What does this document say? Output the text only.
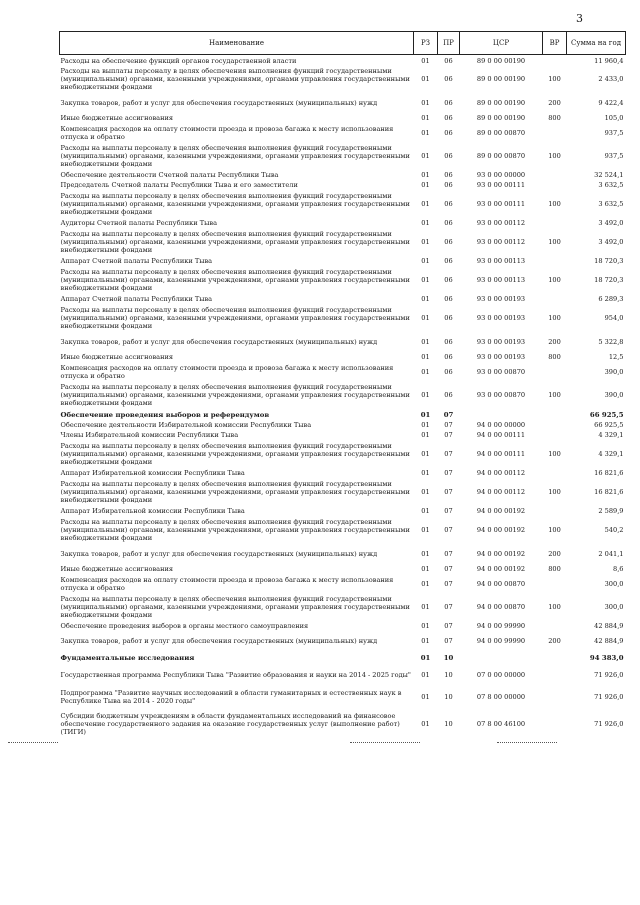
3
Наименование	РЗ	ПР	ЦСР	ВР	Сумма на год
Расходы на обеспечение функций органов государственной власти	01	06	89 0 00 00190		11 960,4
Расходы на выплаты персоналу в целях обеспечения выполнения функций государственными (муниципальными) органами, казенными учреждениями, органами управления государственными внебюджетными фондами	01	06	89 0 00 00190	100	2 433,0
Закупка товаров, работ и услуг для обеспечения государственных (муниципальных) нужд	01	06	89 0 00 00190	200	9 422,4
Иные бюджетные ассигнования	01	06	89 0 00 00190	800	105,0
Компенсация расходов на оплату стоимости проезда и провоза багажа к месту использования отпуска и обратно	01	06	89 0 00 00870		937,5
Расходы на выплаты персоналу в целях обеспечения выполнения функций государственными (муниципальными) органами, казенными учреждениями, органами управления государственными внебюджетными фондами	01	06	89 0 00 00870	100	937,5
Обеспечение деятельности Счетной палаты Республики Тыва	01	06	93 0 00 00000		32 524,1
Председатель Счетной палаты Республики Тыва и его заместители	01	06	93 0 00 00111		3 632,5
Расходы на выплаты персоналу в целях обеспечения выполнения функций государственными (муниципальными) органами, казенными учреждениями, органами управления государственными внебюджетными фондами	01	06	93 0 00 00111	100	3 632,5
Аудиторы Счетной палаты Республики Тыва	01	06	93 0 00 00112		3 492,0
Расходы на выплаты персоналу в целях обеспечения выполнения функций государственными (муниципальными) органами, казенными учреждениями, органами управления государственными внебюджетными фондами	01	06	93 0 00 00112	100	3 492,0
Аппарат Счетной палаты Республики Тыва	01	06	93 0 00 00113		18 720,3
Расходы на выплаты персоналу в целях обеспечения выполнения функций государственными (муниципальными) органами, казенными учреждениями, органами управления государственными внебюджетными фондами	01	06	93 0 00 00113	100	18 720,3
Аппарат Счетной палаты Республики Тыва	01	06	93 0 00 00193		6 289,3
Расходы на выплаты персоналу в целях обеспечения выполнения функций государственными (муниципальными) органами, казенными учреждениями, органами управления государственными внебюджетными фондами	01	06	93 0 00 00193	100	954,0
Закупка товаров, работ и услуг для обеспечения государственных (муниципальных) нужд	01	06	93 0 00 00193	200	5 322,8
Иные бюджетные ассигнования	01	06	93 0 00 00193	800	12,5
Компенсация расходов на оплату стоимости проезда и провоза багажа к месту использования отпуска и обратно	01	06	93 0 00 00870		390,0
Расходы на выплаты персоналу в целях обеспечения выполнения функций государственными (муниципальными) органами, казенными учреждениями, органами управления государственными внебюджетными фондами	01	06	93 0 00 00870	100	390,0
Обеспечение проведения выборов и референдумов	01	07			66 925,5
Обеспечение деятельности Избирательной комиссии Республики Тыва	01	07	94 0 00 00000		66 925,5
Члены Избирательной комиссии Республики Тыва	01	07	94 0 00 00111		4 329,1
Расходы на выплаты персоналу в целях обеспечения выполнения функций государственными (муниципальными) органами, казенными учреждениями, органами управления государственными внебюджетными фондами	01	07	94 0 00 00111	100	4 329,1
Аппарат Избирательной комиссии Республики Тыва	01	07	94 0 00 00112		16 821,6
Расходы на выплаты персоналу в целях обеспечения выполнения функций государственными (муниципальными) органами, казенными учреждениями, органами управления государственными внебюджетными фондами	01	07	94 0 00 00112	100	16 821,6
Аппарат Избирательной комиссии Республики Тыва	01	07	94 0 00 00192		2 589,9
Расходы на выплаты персоналу в целях обеспечения выполнения функций государственными (муниципальными) органами, казенными учреждениями, органами управления государственными внебюджетными фондами	01	07	94 0 00 00192	100	540,2
Закупка товаров, работ и услуг для обеспечения государственных (муниципальных) нужд	01	07	94 0 00 00192	200	2 041,1
Иные бюджетные ассигнования	01	07	94 0 00 00192	800	8,6
Компенсация расходов на оплату стоимости проезда и провоза багажа к месту использования отпуска и обратно	01	07	94 0 00 00870		300,0
Расходы на выплаты персоналу в целях обеспечения выполнения функций государственными (муниципальными) органами, казенными учреждениями, органами управления государственными внебюджетными фондами	01	07	94 0 00 00870	100	300,0
Обеспечение проведения выборов в органы местного самоуправления	01	07	94 0 00 99990		42 884,9
Закупка товаров, работ и услуг для обеспечения государственных (муниципальных) нужд	01	07	94 0 00 99990	200	42 884,9
Фундаментальные исследования	01	10			94 383,0
Государственная программа Республики Тыва "Развитие образования и науки на 2014 - 2025 годы"	01	10	07 0 00 00000		71 926,0
Подпрограмма "Развитие научных исследований в области гуманитарных и естественных наук в Республике Тыва на 2014 - 2020 годы"	01	10	07 8 00 00000		71 926,0
Субсидии бюджетным учреждениям в области фундаментальных исследований на финансовое обеспечение государственного задания на оказание государственных услуг (выполнение работ) (ТИГИ)	01	10	07 8 00 46100		71 926,0
